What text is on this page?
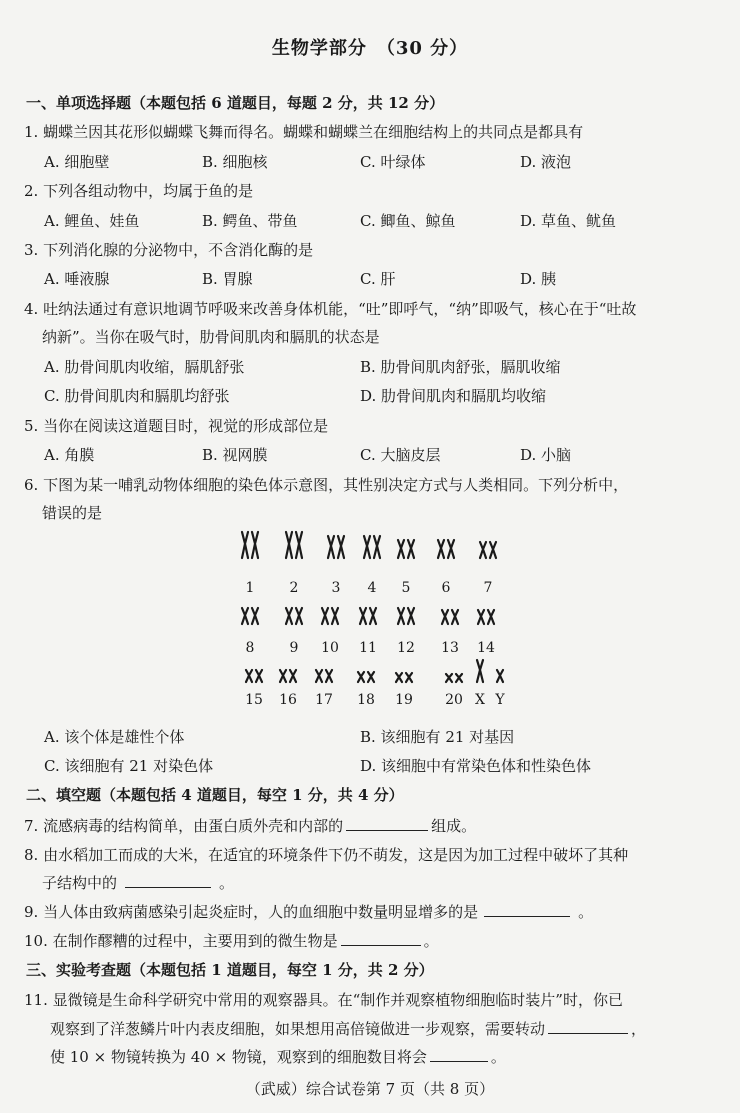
生物学部分　（30 分）
一、单项选择题（本题包括 6 道题目，每题 2 分，共 12 分）
1. 蝴蝶兰因其花形似蝴蝶飞舞而得名。蝴蝶和蝴蝶兰在细胞结构上的共同点是都具有
A. 细胞壁	B. 细胞核	C. 叶绿体	D. 液泡
2. 下列各组动物中，均属于鱼的是
A. 鲤鱼、娃鱼	B. 鳄鱼、带鱼	C. 鲫鱼、鲸鱼	D. 草鱼、鱿鱼
3. 下列消化腺的分泌物中，不含消化酶的是
A. 唾液腺	B. 胃腺	C. 肝	D. 胰
4. 吐纳法通过有意识地调节呼吸来改善身体机能，“吐”即呼气，“纳”即吸气，核心在于“吐故
纳新”。当你在吸气时，肋骨间肌肉和膈肌的状态是
A. 肋骨间肌肉收缩，膈肌舒张	B. 肋骨间肌肉舒张，膈肌收缩
C. 肋骨间肌肉和膈肌均舒张	D. 肋骨间肌肉和膈肌均收缩
5. 当你在阅读这道题目时，视觉的形成部位是
A. 角膜	B. 视网膜	C. 大脑皮层	D. 小脑
6. 下图为某一哺乳动物体细胞的染色体示意图，其性别决定方式与人类相同。下列分析中，
错误的是
1	2 3 4 5 6 7
8	9 10 11 12 13 14
15 16 17 18 19 20 X Y
A. 该个体是雄性个体	B. 该细胞有 21 对基因
C. 该细胞有 21 对染色体	D. 该细胞中有常染色体和性染色体
二、填空题（本题包括 4 道题目，每空 1 分，共 4 分）
7. 流感病毒的结构简单，由蛋白质外壳和内部的	组成。
8. 由水稻加工而成的大米，在适宜的环境条件下仍不萌发，这是因为加工过程中破坏了其种
子结构中的	。
9. 当人体由致病菌感染引起炎症时，人的血细胞中数量明显增多的是	。
10. 在制作醪糟的过程中，主要用到的微生物是	。
三、实验考查题（本题包括 1 道题目，每空 1 分，共 2 分）
11. 显微镜是生命科学研究中常用的观察器具。在“制作并观察植物细胞临时装片”时，你已
观察到了洋葱鳞片叶内表皮细胞，如果想用高倍镜做进一步观察，需要转动	，
使 10 × 物镜转换为 40 × 物镜，观察到的细胞数目将会	。
（武威）综合试卷第 7 页（共 8 页）
